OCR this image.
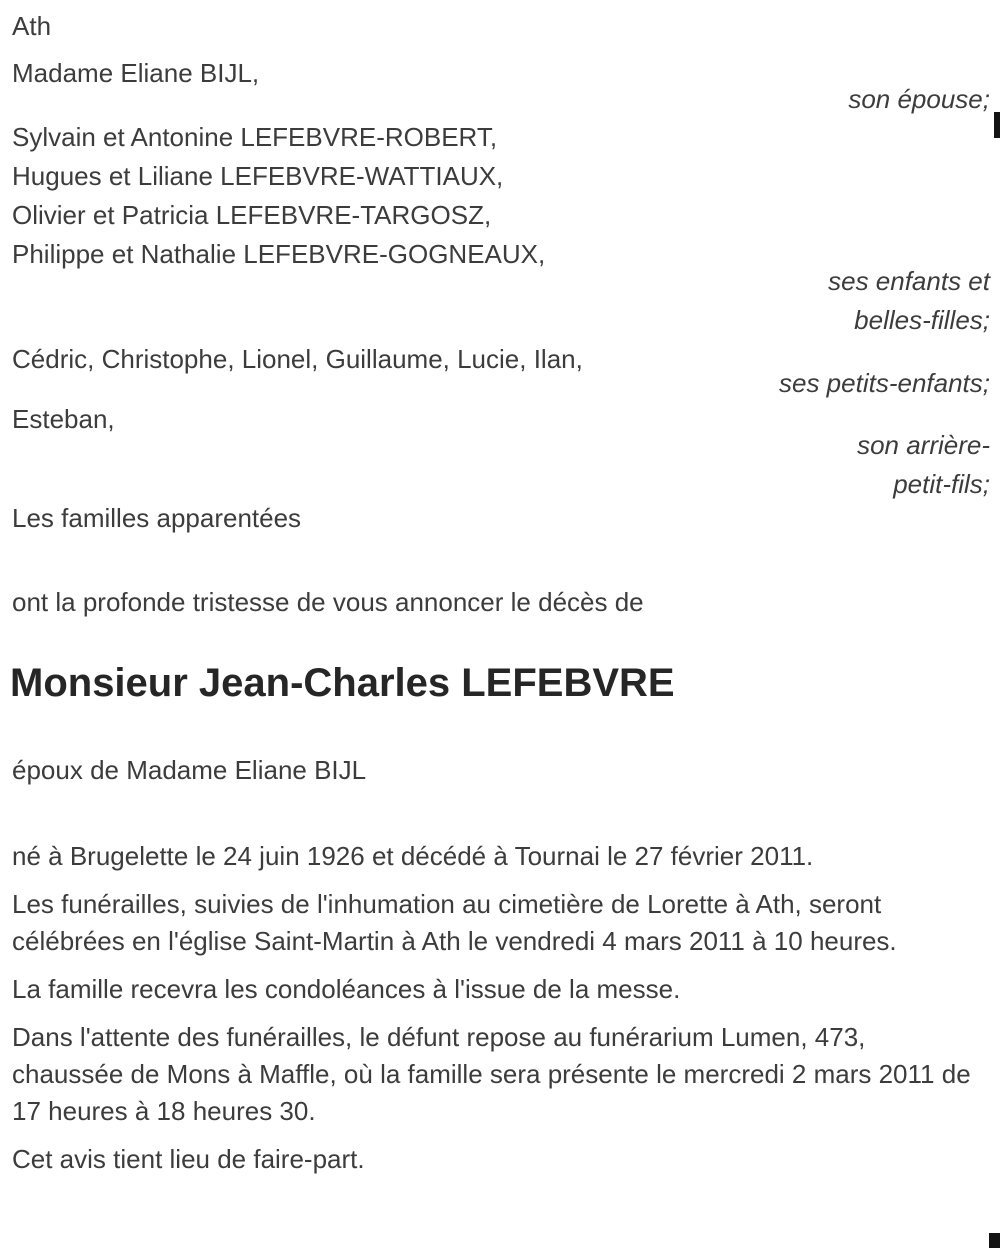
Ath
Madame Eliane BIJL,
son épouse;
Sylvain et Antonine LEFEBVRE-ROBERT,
Hugues et Liliane LEFEBVRE-WATTIAUX,
Olivier et Patricia LEFEBVRE-TARGOSZ,
Philippe et Nathalie LEFEBVRE-GOGNEAUX,
ses enfants et
belles-filles;
Cédric, Christophe, Lionel, Guillaume, Lucie, Ilan,
ses petits-enfants;
Esteban,
son arrière-
petit-fils;
Les familles apparentées
ont la profonde tristesse de vous annoncer le décès de
Monsieur Jean-Charles LEFEBVRE
époux de Madame Eliane BIJL

né à Brugelette le 24 juin 1926 et décédé à Tournai le 27 février 2011.

Les funérailles, suivies de l'inhumation au cimetière de Lorette à Ath, seront célébrées en l'église Saint-Martin à Ath le vendredi 4 mars 2011 à 10 heures.

La famille recevra les condoléances à l'issue de la messe.

Dans l'attente des funérailles, le défunt repose au funérarium Lumen, 473, chaussée de Mons à Maffle, où la famille sera présente le mercredi 2 mars 2011 de 17 heures à 18 heures 30.

Cet avis tient lieu de faire-part.
